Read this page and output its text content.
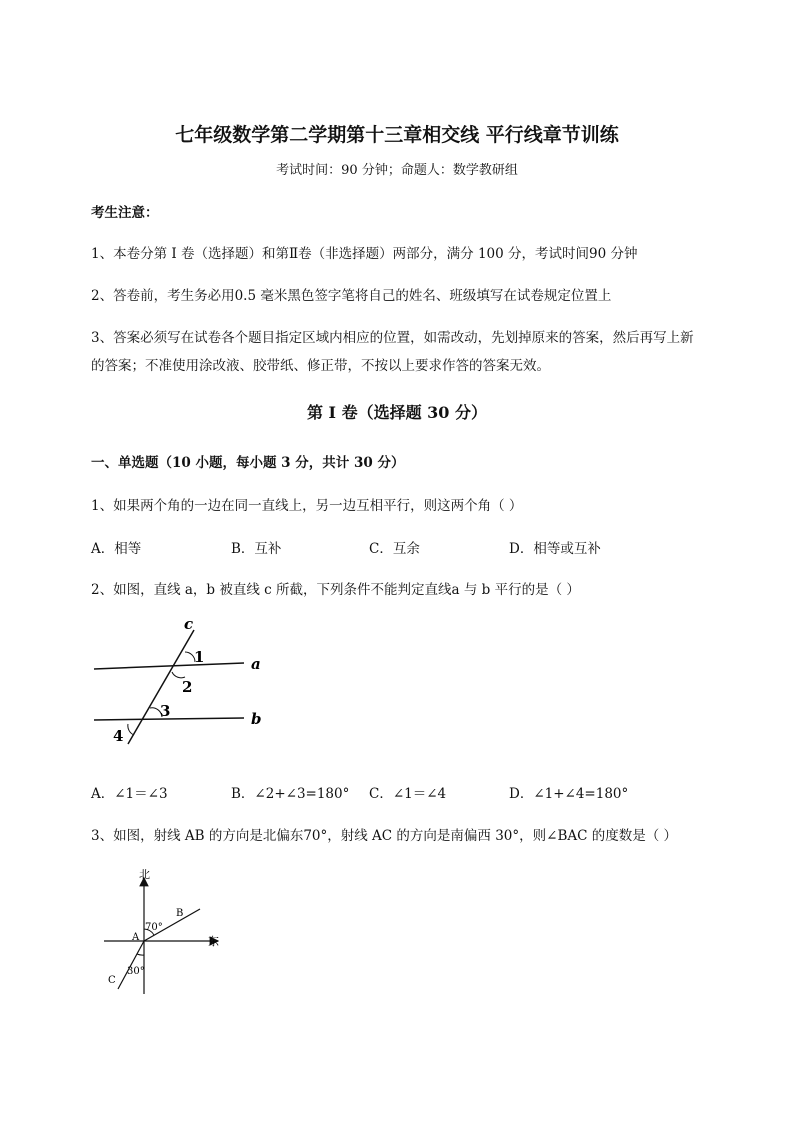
七年级数学第二学期第十三章相交线 平行线章节训练
考试时间：90 分钟；命题人：数学教研组
考生注意：
1、本卷分第 I 卷（选择题）和第Ⅱ卷（非选择题）两部分，满分 100 分，考试时间90 分钟
2、答卷前，考生务必用0.5 毫米黑色签字笔将自己的姓名、班级填写在试卷规定位置上
3、答案必须写在试卷各个题目指定区域内相应的位置，如需改动，先划掉原来的答案，然后再写上新
的答案；不准使用涂改液、胶带纸、修正带，不按以上要求作答的答案无效。
第 I 卷（选择题 30 分）
一、单选题（10 小题，每小题 3 分，共计 30 分）
1、如果两个角的一边在同一直线上，另一边互相平行，则这两个角（ ）
A．相等	B．互补	C．互余	D．相等或互补
2、如图，直线 a，b 被直线 c 所截，下列条件不能判定直线a 与 b 平行的是（ ）
c
a
b
1
2
3
4
A．∠1＝∠3	B．∠2+∠3=180° C．∠1＝∠4	D．∠1+∠4=180°
3、如图，射线 AB 的方向是北偏东70°，射线 AC 的方向是南偏西 30°，则∠BAC 的度数是（ ）
北
东
A
B
C
70°
30°
